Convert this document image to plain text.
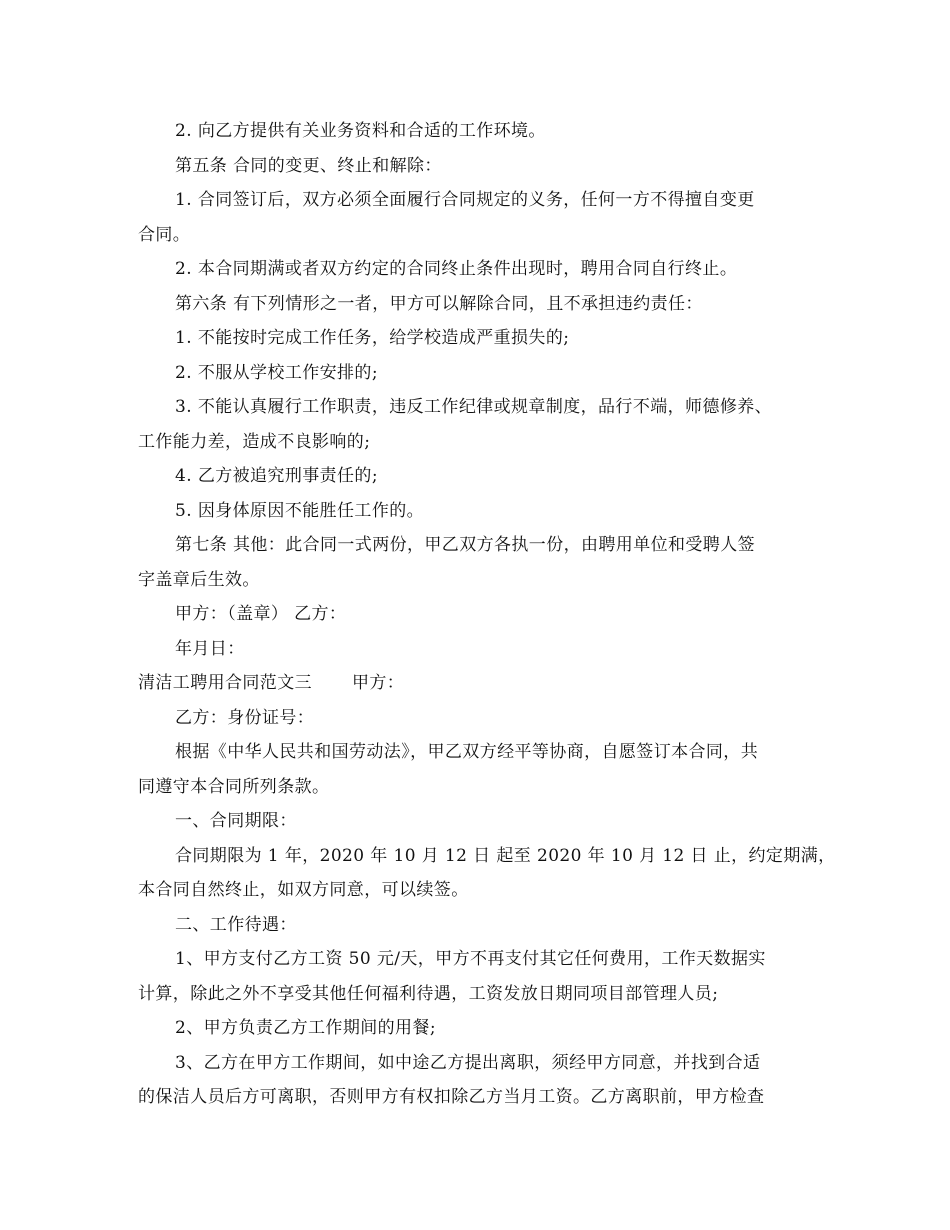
2. 向乙方提供有关业务资料和合适的工作环境。
第五条 合同的变更、终止和解除：
1. 合同签订后，双方必须全面履行合同规定的义务，任何一方不得擅自变更
合同。
2. 本合同期满或者双方约定的合同终止条件出现时，聘用合同自行终止。
第六条 有下列情形之一者，甲方可以解除合同，且不承担违约责任：
1. 不能按时完成工作任务，给学校造成严重损失的;
2. 不服从学校工作安排的;
3. 不能认真履行工作职责，违反工作纪律或规章制度，品行不端，师德修养、
工作能力差，造成不良影响的;
4. 乙方被追究刑事责任的;
5. 因身体原因不能胜任工作的。
第七条 其他：此合同一式两份，甲乙双方各执一份，由聘用单位和受聘人签
字盖章后生效。
甲方：（盖章） 乙方：
年月日：
清洁工聘用合同范文三 甲方：
乙方：身份证号：
根据《中华人民共和国劳动法》，甲乙双方经平等协商，自愿签订本合同，共
同遵守本合同所列条款。
一、合同期限：
合同期限为 1 年，2020 年 10 月 12 日 起至 2020 年 10 月 12 日 止，约定期满，
本合同自然终止，如双方同意，可以续签。
二、工作待遇：
1、甲方支付乙方工资 50 元/天，甲方不再支付其它任何费用，工作天数据实
计算，除此之外不享受其他任何福利待遇，工资发放日期同项目部管理人员;
2、甲方负责乙方工作期间的用餐;
3、乙方在甲方工作期间，如中途乙方提出离职，须经甲方同意，并找到合适
的保洁人员后方可离职，否则甲方有权扣除乙方当月工资。乙方离职前，甲方检查
